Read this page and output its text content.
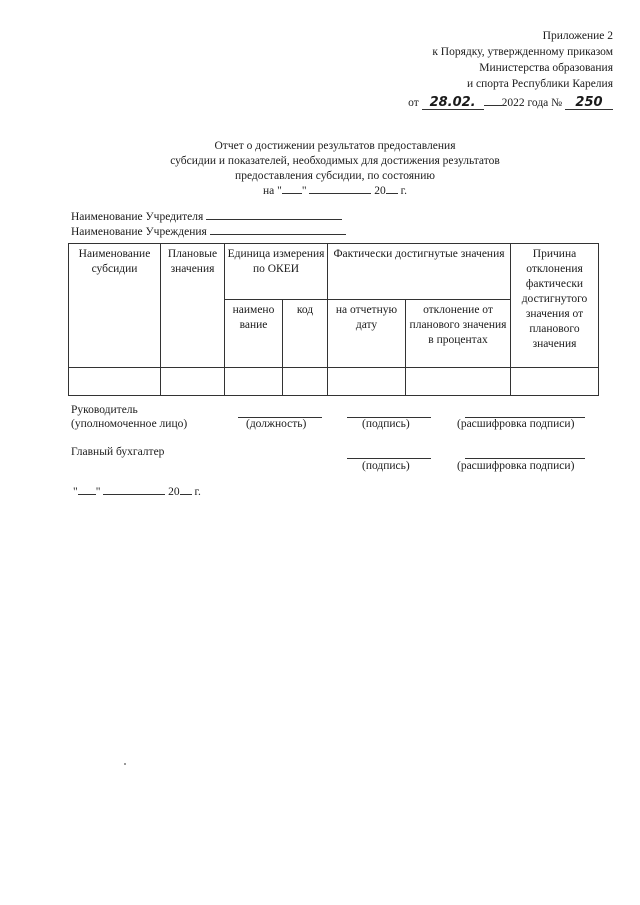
Приложение 2
к Порядку, утвержденному приказом
Министерства образования
и спорта Республики Карелия
от 28.02. 2022 года № 250
Отчет о достижении результатов предоставления
субсидии и показателей, необходимых для достижения результатов
предоставления субсидии, по состоянию
на " "	20 г.
Наименование Учредителя
Наименование Учреждения
Наименование субсидии	Плановые значения	Единица измерения по ОКЕИ		Фактически достигнутые значения		Причина отклонения фактически достигнутого значения от планового значения
		наимено вание	код	на отчетную дату	отклонение от планового значения в процентах	

Руководитель
(уполномоченное лицо)	(должность)	(подпись)	(расшифровка подписи)
Главный бухгалтер
(подпись)	(расшифровка подписи)
" "	20 г.
